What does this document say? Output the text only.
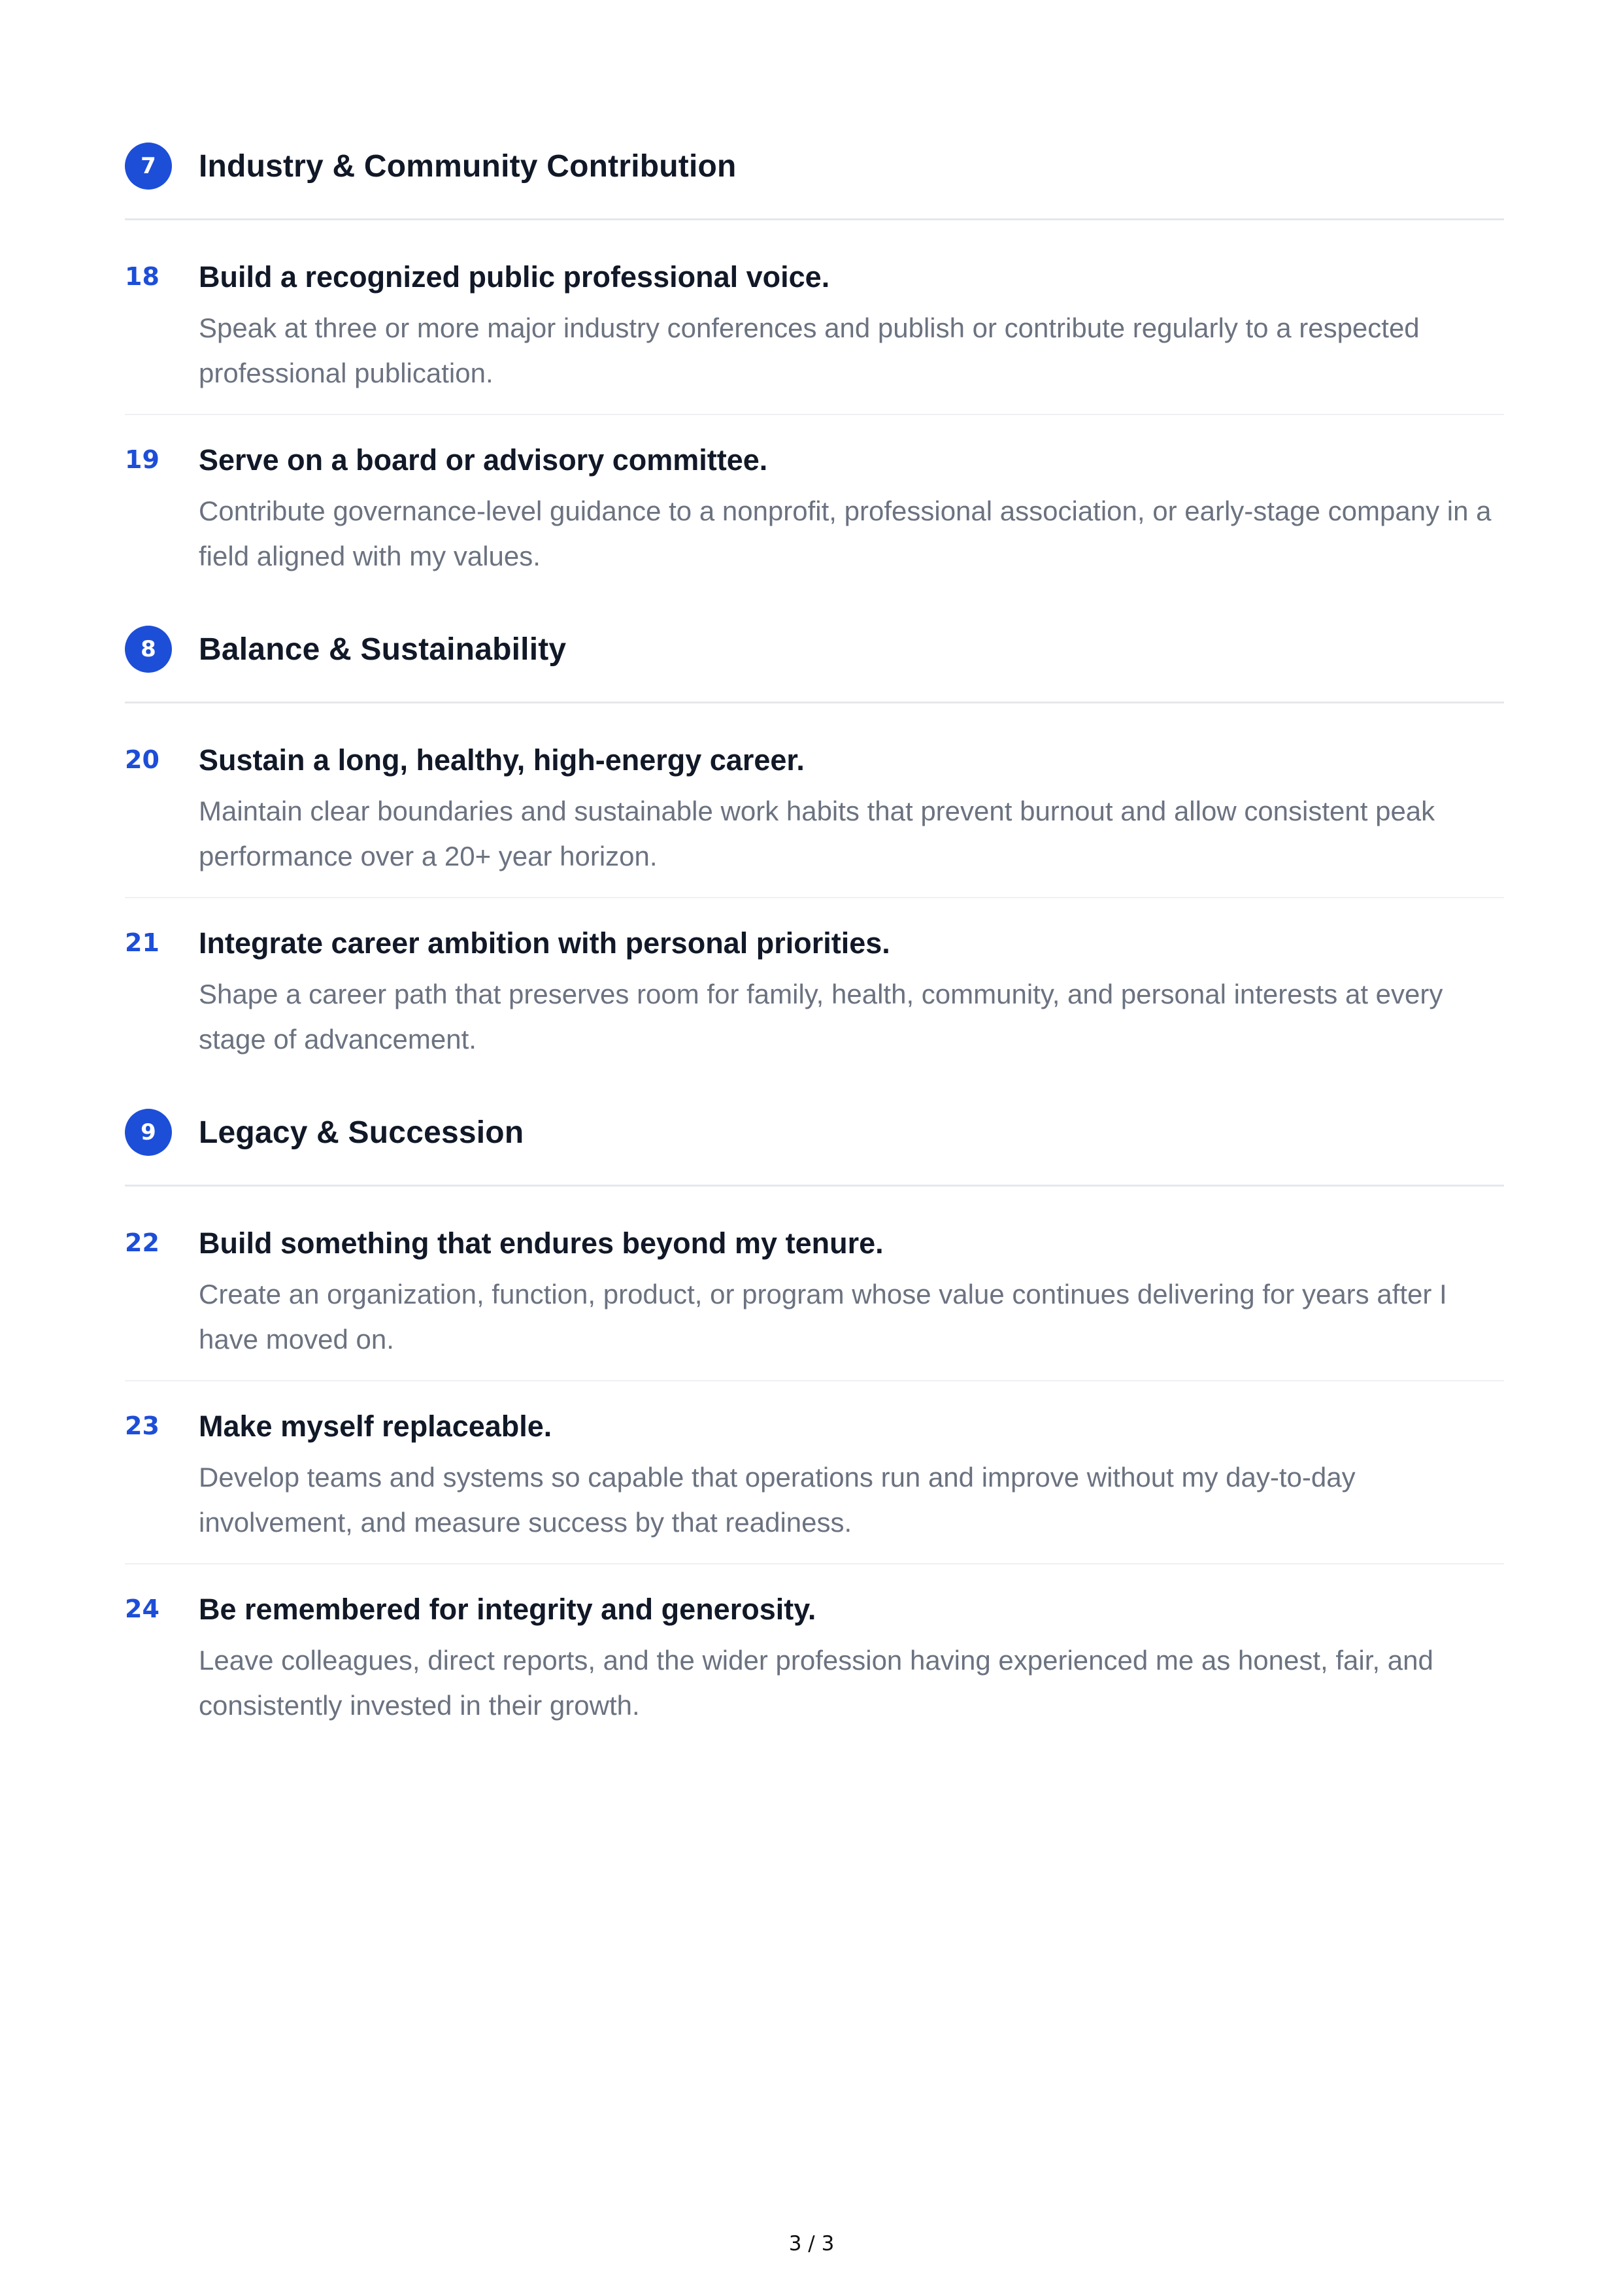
7	Industry & Community Contribution
18	Build a recognized public professional voice.

Speak at three or more major industry conferences and publish or contribute regularly to a respected professional publication.

19	Serve on a board or advisory committee.

Contribute governance-level guidance to a nonprofit, professional association, or early-stage company in a field aligned with my values.

8	Balance & Sustainability
20	Sustain a long, healthy, high-energy career.

Maintain clear boundaries and sustainable work habits that prevent burnout and allow consistent peak performance over a 20+ year horizon.

21	Integrate career ambition with personal priorities.

Shape a career path that preserves room for family, health, community, and personal interests at every stage of advancement.

9	Legacy & Succession
22	Build something that endures beyond my tenure.

Create an organization, function, product, or program whose value continues delivering for years after I have moved on.

23	Make myself replaceable.

Develop teams and systems so capable that operations run and improve without my day-to-day involvement, and measure success by that readiness.

24	Be remembered for integrity and generosity.

Leave colleagues, direct reports, and the wider profession having experienced me as honest, fair, and consistently invested in their growth.

3 / 3
